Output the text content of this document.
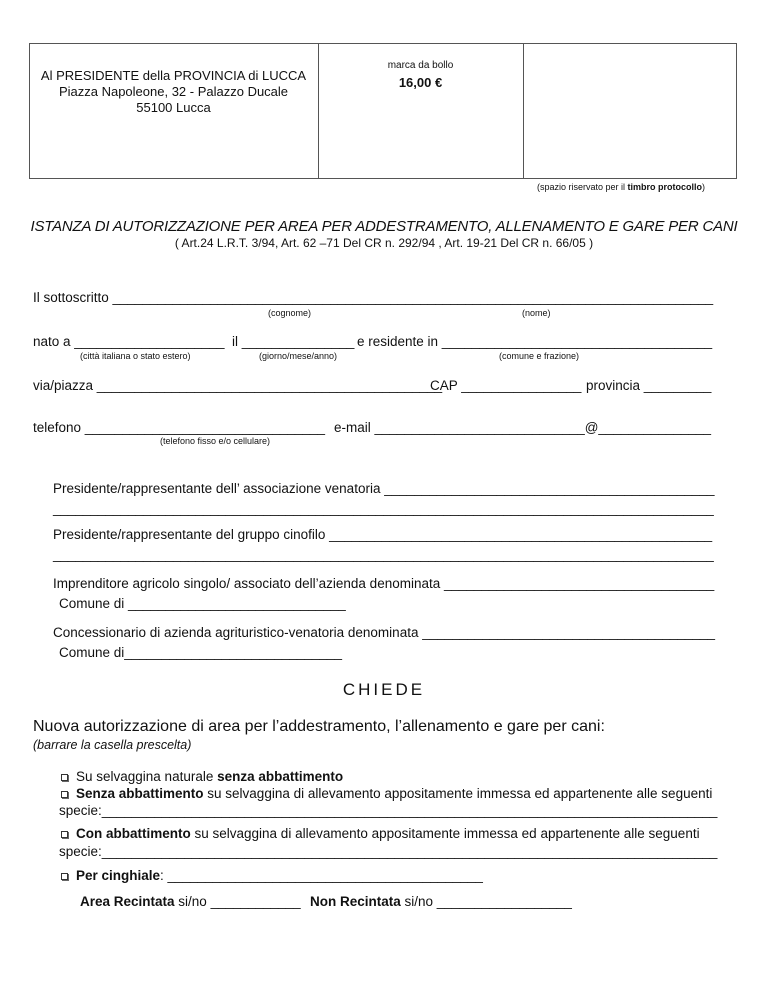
Al PRESIDENTE della PROVINCIA di LUCCA
Piazza Napoleone, 32 - Palazzo Ducale
55100 Lucca
marca da bollo
16,00 €
(spazio riservato per il timbro protocollo)
ISTANZA DI AUTORIZZAZIONE PER AREA PER ADDESTRAMENTO, ALLENAMENTO E GARE PER CANI
( Art.24 L.R.T. 3/94, Art. 62 –71 Del CR n. 292/94 , Art. 19-21 Del CR n. 66/05 )
Il sottoscritto ________________________________________________________________________________
(cognome)	(nome)
nato a ____________________ il _______________ e residente in ____________________________________
(città italiana o stato estero)	(giorno/mese/anno)	(comune e frazione)
via/piazza ______________________________________________
CAP ________________ provincia _________
telefono ________________________________ e-mail ____________________________@_______________
(telefono fisso e/o cellulare)
Presidente/rappresentante dell’ associazione venatoria ____________________________________________
________________________________________________________________________________________
Presidente/rappresentante del gruppo cinofilo ___________________________________________________
________________________________________________________________________________________
Imprenditore agricolo singolo/ associato dell’azienda denominata ____________________________________
Comune di _____________________________
Concessionario di azienda agrituristico-venatoria denominata _______________________________________
Comune di_____________________________
CHIEDE
Nuova autorizzazione di area per l’addestramento, l’allenamento e gare per cani:
(barrare la casella prescelta)
Su selvaggina naturale senza abbattimento
Senza abbattimento su selvaggina di allevamento appositamente immessa ed appartenente alle seguenti
specie:__________________________________________________________________________________
Con abbattimento su selvaggina di allevamento appositamente immessa ed appartenente alle seguenti
specie:__________________________________________________________________________________
Per cinghiale: __________________________________________
Area Recintata si/no ____________ Non Recintata si/no __________________
